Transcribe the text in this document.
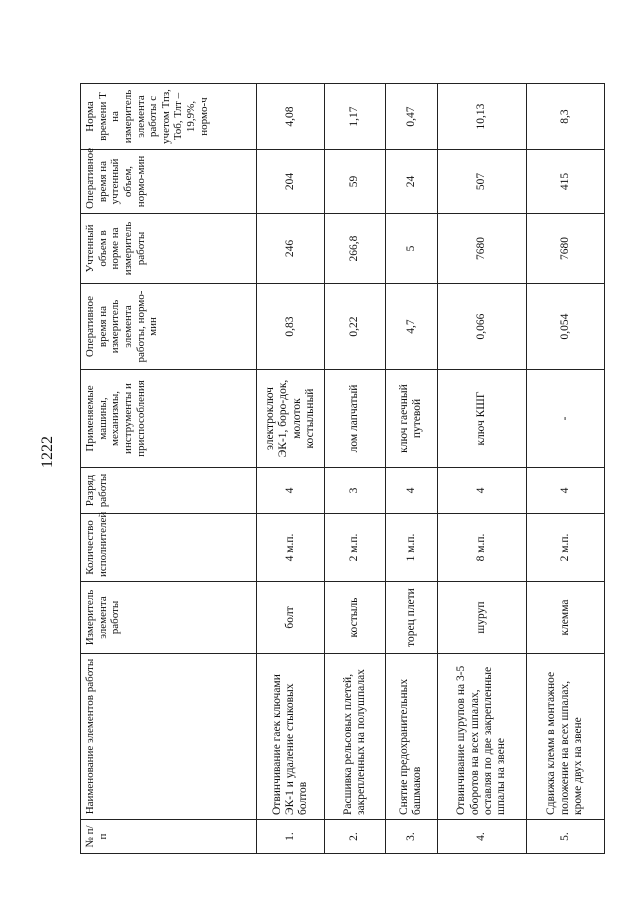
1222
№ п/п	Наименование элементов работы	Измеритель элемента работы	Количество исполнителей	Разряд работы	Применяемые машины, механизмы, инструменты и приспособления	Оперативное время на измеритель элемента работы, нормо-мин	Учтенный объем в норме на измеритель работы	Оперативное время на учтенный объем, нормо-мин	Норма времени Т на измеритель элемента работы с учетом Тпз, Тоб, Тлт – 19,9%, нормо-ч

1.	Отвинчивание гаек ключами ЭК-1 и удаление стыковых болтов	болт	4 м.п.	4	электроключ ЭК-1, боро-док, молоток костыльный	0,83	246	204	4,08
2.	Расшивка рельсовых плетей, закрепленных на полушпалах	костыль	2 м.п.	3	лом лапчатый	0,22	266,8	59	1,17
3.	Снятие предохранительных башмаков	торец плети	1 м.п.	4	ключ гаечный путевой	4,7	5	24	0,47
4.	Отвинчивание шурупов на 3-5 оборотов на всех шпалах, оставляя по две закрепленные шпалы на звене	шуруп	8 м.п.	4	ключ КШГ	0,066	7680	507	10,13
5.	Сдвижка клемм в монтажное положение на всех шпалах, кроме двух на звене	клемма	2 м.п.	4	-	0,054	7680	415	8,3
